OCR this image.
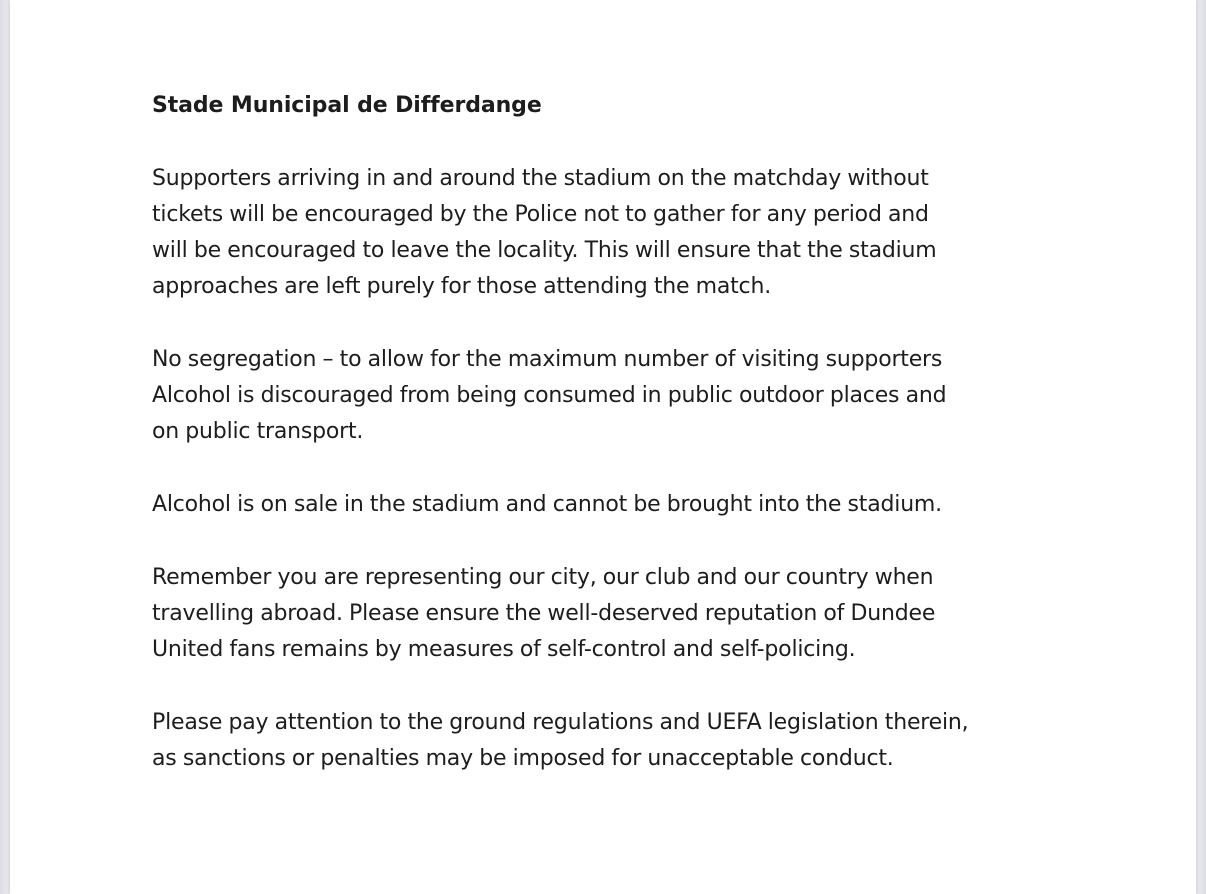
Stade Municipal de Differdange

Supporters arriving in and around the stadium on the matchday without
tickets will be encouraged by the Police not to gather for any period and
will be encouraged to leave the locality. This will ensure that the stadium
approaches are left purely for those attending the match.

No segregation – to allow for the maximum number of visiting supporters
Alcohol is discouraged from being consumed in public outdoor places and
on public transport.

Alcohol is on sale in the stadium and cannot be brought into the stadium.

Remember you are representing our city, our club and our country when
travelling abroad. Please ensure the well-deserved reputation of Dundee
United fans remains by measures of self-control and self-policing.

Please pay attention to the ground regulations and UEFA legislation therein,
as sanctions or penalties may be imposed for unacceptable conduct.
